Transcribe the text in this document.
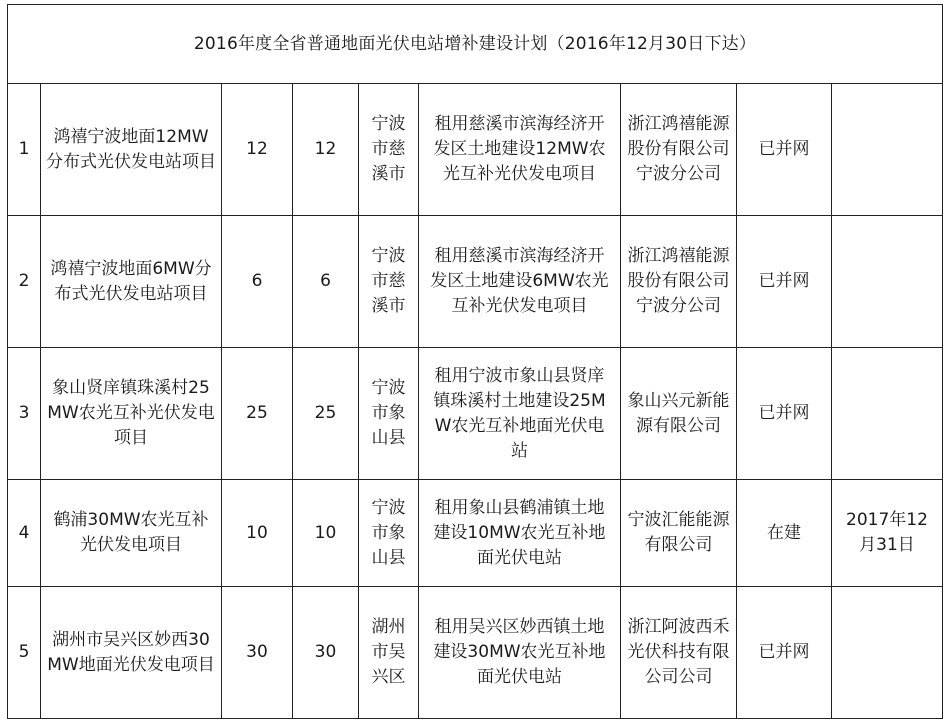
2016年度全省普通地面光伏电站增补建设计划（2016年12月30日下达）								
1	鸿禧宁波地面12MW分布式光伏发电站项目	12	12	宁波市慈溪市	租用慈溪市滨海经济开发区土地建设12MW农光互补光伏发电项目	浙江鸿禧能源股份有限公司宁波分公司	已并网	
2	鸿禧宁波地面6MW分布式光伏发电站项目	6	6	宁波市慈溪市	租用慈溪市滨海经济开发区土地建设6MW农光互补光伏发电项目	浙江鸿禧能源股份有限公司宁波分公司	已并网	
3	象山贤庠镇珠溪村25MW农光互补光伏发电项目	25	25	宁波市象山县	租用宁波市象山县贤庠镇珠溪村土地建设25MW农光互补地面光伏电站	象山兴元新能源有限公司	已并网	
4	鹤浦30MW农光互补光伏发电项目	10	10	宁波市象山县	租用象山县鹤浦镇土地建设10MW农光互补地面光伏电站	宁波汇能能源有限公司	在建	2017年12月31日
5	湖州市吴兴区妙西30MW地面光伏发电项目	30	30	湖州市吴兴区	租用吴兴区妙西镇土地建设30MW农光互补地面光伏电站	浙江阿波西禾光伏科技有限公司公司	已并网	
